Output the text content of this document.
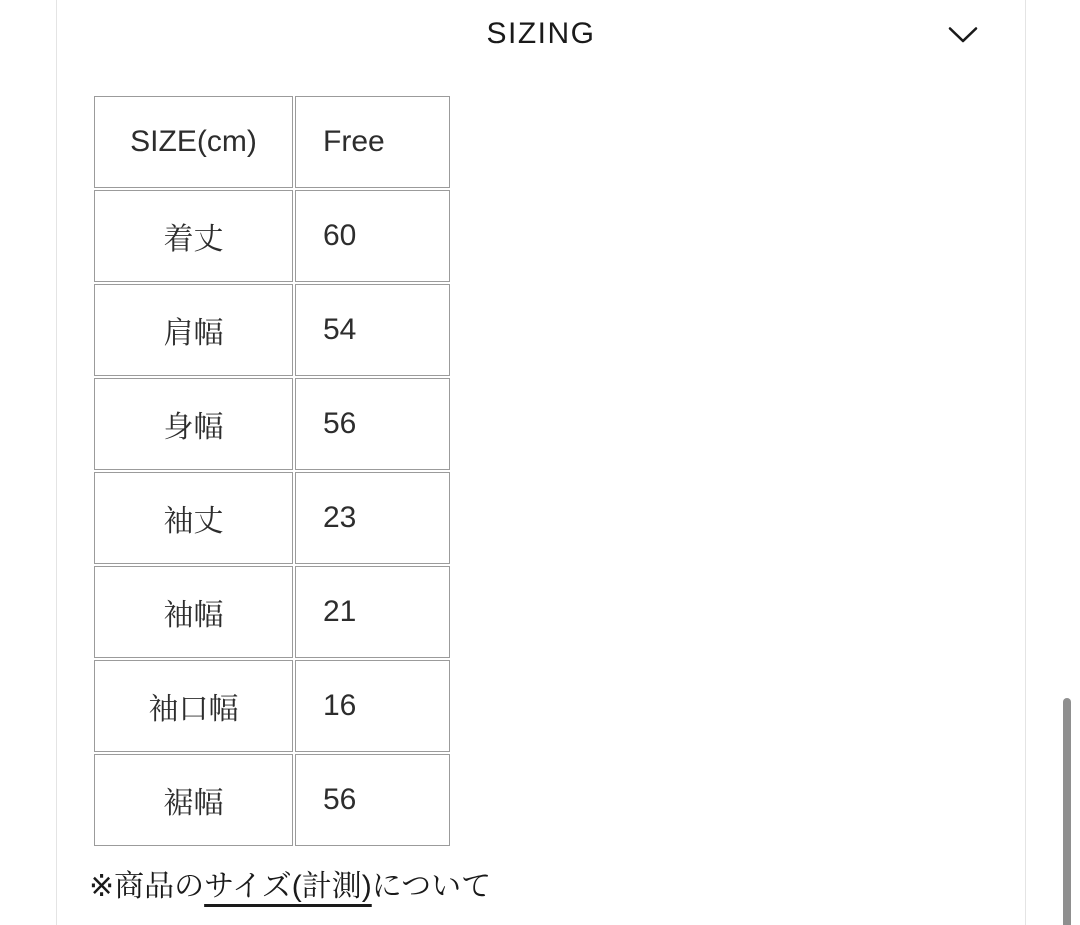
SIZING
SIZE(cm)	Free
着丈	60
肩幅	54
身幅	56
袖丈	23
袖幅	21
袖口幅	16
裾幅	56
※商品のサイズ(計測)について
